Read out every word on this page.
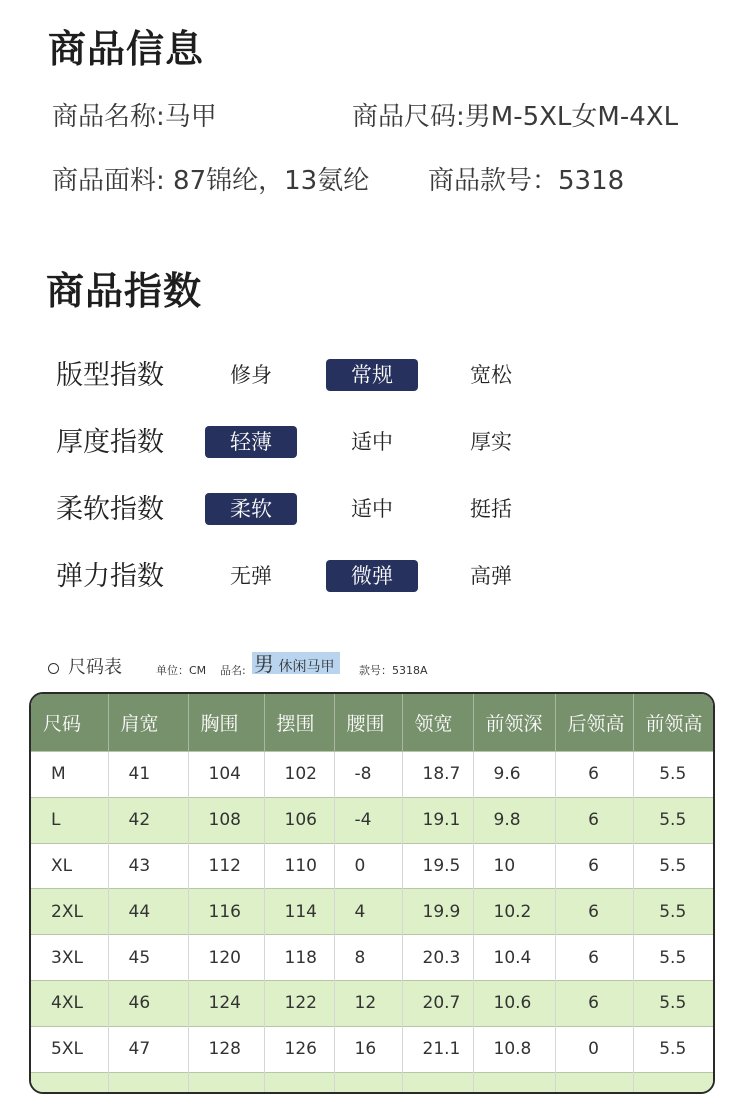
商品信息
商品名称:马甲	商品尺码:男M-5XL女M-4XL
商品面料: 87锦纶，13氨纶 商品款号：5318
商品指数
版型指数	修身	常规	宽松
厚度指数	轻薄	适中	厚实
柔软指数	柔软	适中	挺括
弹力指数	无弹	微弹	高弹
尺码表	单位：CM 品名: 男 休闲马甲	款号：5318A
尺码	肩宽	胸围	摆围	腰围	领宽	前领深	后领高	前领高
M	41	104	102	-8	18.7	9.6	6	5.5
L	42	108	106	-4	19.1	9.8	6	5.5
XL	43	112	110	0	19.5	10	6	5.5
2XL	44	116	114	4	19.9	10.2	6	5.5
3XL	45	120	118	8	20.3	10.4	6	5.5
4XL	46	124	122	12	20.7	10.6	6	5.5
5XL	47	128	126	16	21.1	10.8	0	5.5
